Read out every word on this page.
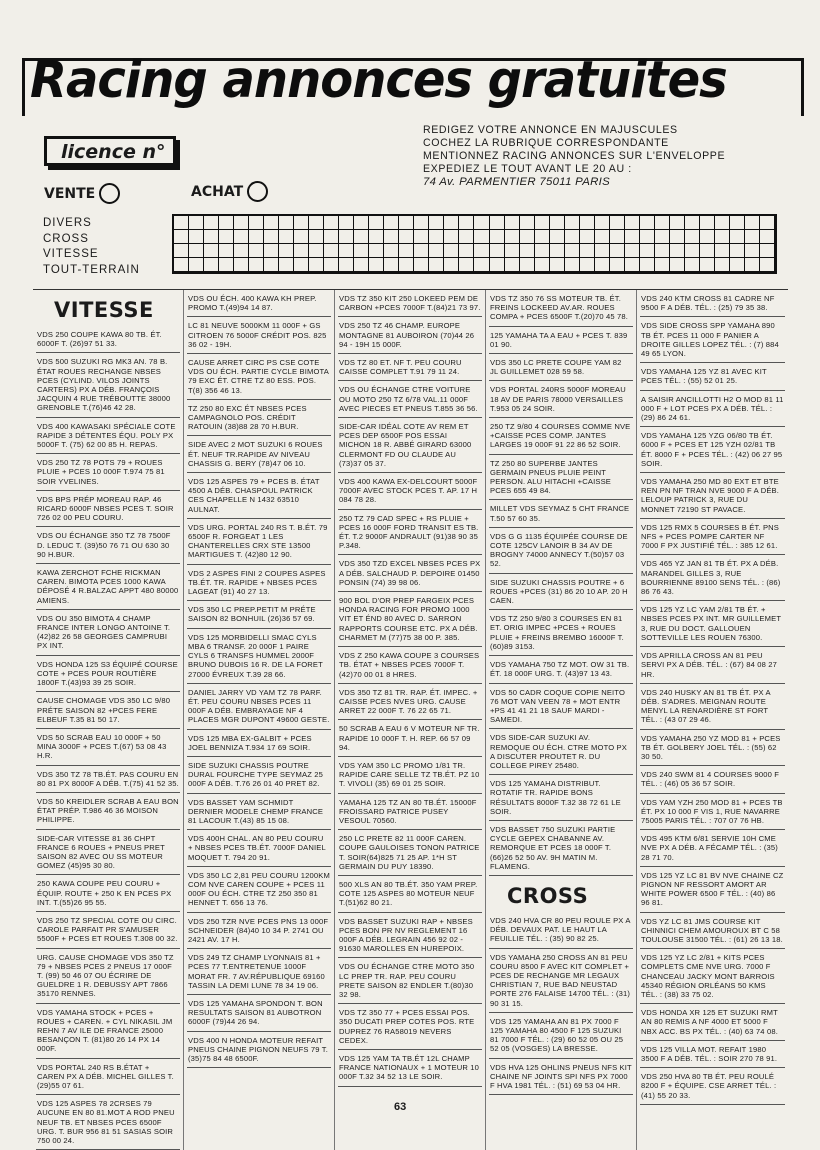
Racing annonces gratuites
licence n°
REDIGEZ VOTRE ANNONCE EN MAJUSCULES
COCHEZ LA RUBRIQUE CORRESPONDANTE
MENTIONNEZ RACING ANNONCES SUR L'ENVELOPPE
EXPEDIEZ LE TOUT AVANT LE 20 AU :
74 Av. PARMENTIER 75011 PARIS
VENTE	ACHAT
DIVERS
CROSS
VITESSE
TOUT-TERRAIN
VITESSE
VDS 250 COUPE KAWA 80 TB. ÉT. 6000F T. (26)97 51 33.
VDS 500 SUZUKI RG MK3 AN. 78 B. ÉTAT ROUES RECHANGE NBSES PCES (CYLIND. VILOS JOINTS CARTERS) PX A DÉB. FRANÇOIS JACQUIN 4 RUE TRÉBOUTTE 38000 GRENOBLE T.(76)46 42 28.
VDS 400 KAWASAKI SPÉCIALE COTE RAPIDE 3 DÉTENTES ÉQU. POLY PX 5000F T. (75) 62 00 85 H. REPAS.
VDS 250 TZ 78 POTS 79 + ROUES PLUIE + PCES 10 000F T.974 75 81 SOIR YVELINES.
VDS BPS PRÉP MOREAU RAP. 46 RICARD 6000F NBSES PCES T. SOIR 726 02 00 PEU COURU.
VDS OU ÉCHANGE 350 TZ 78 7500F D. LEDUC T. (39)50 76 71 OU 630 30 90 H.BUR.
KAWA ZERCHOT FCHE RICKMAN CAREN. BIMOTA PCES 1000 KAWA DÉPOSÉ 4 R.BALZAC APPT 480 80000 AMIENS.
VDS OU 350 BIMOTA 4 CHAMP FRANCE INTER LONGO ANTOINE T. (42)82 26 58 GEORGES CAMPRUBI PX INT.
VDS HONDA 125 S3 ÉQUIPÉ COURSE COTE + PCES POUR ROUTIÈRE 1800F T.(43)93 39 25 SOIR.
CAUSE CHOMAGE VDS 350 LC 9/80 PRÉTE SAISON 82 +PCES FERE ELBEUF T.35 81 50 17.
VDS 50 SCRAB EAU 10 000F + 50 MINA 3000F + PCES T.(67) 53 08 43 H.R.
VDS 350 TZ 78 TB.ÉT. PAS COURU EN 80 81 PX 8000F A DÉB. T.(75) 41 52 35.
VDS 50 KREIDLER SCRAB A EAU BON ÉTAT PRÉP. T.986 46 36 MOISON PHILIPPE.
SIDE-CAR VITESSE 81 36 CHPT FRANCE 6 ROUES + PNEUS PRET SAISON 82 AVEC OU SS MOTEUR GOMEZ (45)95 30 80.
250 KAWA COUPE PEU COURU + ÉQUIP. ROUTE + 250 K EN PCES PX INT. T.(55)26 95 55.
VDS 250 TZ SPECIAL COTE OU CIRC. CAROLE PARFAIT PR S'AMUSER 5500F + PCES ET ROUES T.308 00 32.
URG. CAUSE CHOMAGE VDS 350 TZ 79 + NBSES PCES 2 PNEUS 17 000F T. (99) 50 46 07 OU ÉCRIRE DE GUELDRE 1 R. DEBUSSY APT 7866 35170 RENNES.
VDS YAMAHA STOCK + PCES + ROUES + CAREN. + CYL NIKASIL JM REHN 7 AV ILE DE FRANCE 25000 BESANÇON T. (81)80 26 14 PX 14 000F.
VDS PORTAL 240 RS B.ÉTAT + CAREN PX A DÉB. MICHEL GILLES T.(29)55 07 61.
VDS 125 ASPES 78 2CRSES 79 AUCUNE EN 80 81.MOT A ROD PNEU NEUF TB. ET NBSES PCES 6500F URG. T. BUR 956 81 51 SASIAS SOIR 750 00 24.
VDS OU ÉCH. 400 KAWA KH PREP. PROMO T.(49)94 14 87.
LC 81 NEUVE 5000KM 11 000F + GS CITROEN 76 5000F CRÉDIT POS. 825 36 02 - 19H.
CAUSE ARRET CIRC PS CSE COTE VDS OU ÉCH. PARTIE CYCLE BIMOTA 79 EXC ÉT. CTRE TZ 80 ESS. POS. T(8) 356 46 13.
TZ 250 80 EXC ÉT NBSES PCES CAMPAGNOLO POS. CRÉDIT RATOUIN (38)88 28 70 H.BUR.
SIDE AVEC 2 MOT SUZUKI 6 ROUES ÉT. NEUF TR.RAPIDE AV NIVEAU CHASSIS G. BERY (78)47 06 10.
VDS 125 ASPES 79 + PCES B. ÉTAT 4500 A DÉB. CHASPOUL PATRICK CES CHAPELLE N 1432 63510 AULNAT.
VDS URG. PORTAL 240 RS T. B.ÉT. 79 6500F R. FORGEAT 1 LES CHANTERELLES CRX STE 13500 MARTIGUES T. (42)80 12 90.
VDS 2 ASPES FINI 2 COUPES ASPES TB.ÉT. TR. RAPIDE + NBSES PCES LAGEAT (91) 40 27 13.
VDS 350 LC PREP.PETIT M PRÉTE SAISON 82 BONHUIL (26)36 57 69.
VDS 125 MORBIDELLI SMAC CYLS MBA 6 TRANSF. 20 000F 1 PAIRE CYLS 6 TRANSFS HUMMEL 2000F BRUNO DUBOIS 16 R. DE LA FORET 27000 ÉVREUX T.39 28 66.
DANIEL JARRY VD YAM TZ 78 PARF. ÉT. PEU COURU NBSES PCES 11 000F A DÉB. EMBRAYAGE NF 4 PLACES MGR DUPONT 49600 GESTE.
VDS 125 MBA EX-GALBIT + PCES JOEL BENNIZA T.934 17 69 SOIR.
SIDE SUZUKI CHASSIS POUTRE DURAL FOURCHE TYPE SEYMAZ 25 000F A DÉB. T.76 26 01 40 PRET 82.
VDS BASSET YAM SCHMIDT DERNIER MODELE CHEMP FRANCE 81 LACOUR T.(43) 85 15 08.
VDS 400H CHAL. AN 80 PEU COURU + NBSES PCES TB.ÉT. 7000F DANIEL MOQUET T. 794 20 91.
VDS 350 LC 2,81 PEU COURU 1200KM COM NVE CAREN COUPE + PCES 11 000F OU ÉCH. CTRE TZ 250 350 81 HENNET T. 656 13 76.
VDS 250 TZR NVE PCES PNS 13 000F SCHNEIDER (84)40 10 34 P. 2741 OU 2421 AV. 17 H.
VDS 249 TZ CHAMP LYONNAIS 81 + PCES 77 T.ENTRETENUE 1000F MORAT FR. 7 AV.RÉPUBLIQUE 69160 TASSIN LA DEMI LUNE 78 34 19 06.
VDS 125 YAMAHA SPONDON T. BON RESULTATS SAISON 81 AUBOTRON 6000F (79)44 26 94.
VDS 400 N HONDA MOTEUR REFAIT PNEUS CHAINE PIGNON NEUFS 79 T. (35)75 84 48 6500F.
VDS TZ 350 KIT 250 LOKEED PEM DE CARBON +PCES 7000F T.(84)21 73 97.
VDS 250 TZ 46 CHAMP. EUROPE MONTAGNE 81 AUBOIRON (70)44 26 94 - 19H 15 000F.
VDS TZ 80 ET. NF T. PEU COURU CAISSE COMPLET T.91 79 11 24.
VDS OU ÉCHANGE CTRE VOITURE OU MOTO 250 TZ 6/78 VAL.11 000F AVEC PIECES ET PNEUS T.855 36 56.
SIDE-CAR IDÉAL COTE AV REM ET PCES DEP 6500F POS ESSAI MICHON 18 R. ABBÉ GIRARD 63000 CLERMONT FD OU CLAUDE AU (73)37 05 37.
VDS 400 KAWA EX-DELCOURT 5000F 7000F AVEC STOCK PCES T. AP. 17 H 084 78 28.
250 TZ 79 CAD SPEC + RS PLUIE + PCES 16 000F FORD TRANSIT ES TB. ÉT. T.2 9000F ANDRAULT (91)38 90 35 P.348.
VDS 350 TZD EXCEL NBSES PCES PX A DÉB. SALCHAUD P. DEPOIRE 01450 PONSIN (74) 39 98 06.
900 BOL D'OR PREP FARGEIX PCES HONDA RACING FOR PROMO 1000 VIT ET ÉND 80 AVEC D. SARRON RAPPORTS COURSE ETC. PX A DÉB. CHARMET M (77)75 38 00 P. 385.
VDS Z 250 KAWA COUPE 3 COURSES TB. ÉTAT + NBSES PCES 7000F T.(42)70 00 01 8 HRES.
VDS 350 TZ 81 TR. RAP. ÉT. IMPEC. + CAISSE PCES NVES URG. CAUSE ARRET 22 000F T. 76 22 65 71.
50 SCRAB A EAU 6 V MOTEUR NF TR. RAPIDE 10 000F T. H. REP. 66 57 09 94.
VDS YAM 350 LC PROMO 1/81 TR. RAPIDE CARE SELLE TZ TB.ÉT. PZ 10 T. VIVOLI (35) 69 01 25 SOIR.
YAMAHA 125 TZ AN 80 TB.ÉT. 15000F FROISSARD PATRICE PUSEY VESOUL 70560.
250 LC PRETE 82 11 000F CAREN. COUPE GAULOISES TONON PATRICE T. SOIR(64)825 71 25 AP. 1*H ST GERMAIN DU PUY 18390.
500 XLS AN 80 TB.ÉT. 350 YAM PREP. COTE 125 ASPES 80 MOTEUR NEUF T.(51)62 80 21.
VDS BASSET SUZUKI RAP + NBSES PCES BON PR NV REGLEMENT 16 000F A DÉB. LEGRAIN 456 92 02 - 91630 MAROLLES EN HUREPOIX.
VDS OU ÉCHANGE CTRE MOTO 350 LC PREP TR. RAP. PEU COURU PRETE SAISON 82 ENDLER T.(80)30 32 98.
VDS TZ 350 77 + PCES ESSAI POS. 350 DUCATI PREP COTES POS. RTE DUPREZ 76 RA58019 NEVERS CEDEX.
VDS 125 YAM TA TB.ÉT 12L CHAMP FRANCE NATIONAUX + 1 MOTEUR 10 000F T.32 34 52 13 LE SOIR.
VDS TZ 350 76 SS MOTEUR TB. ÉT. FREINS LOCKEED AV.AR. ROUES COMPA + PCES 6500F T.(20)70 45 78.
125 YAMAHA TA A EAU + PCES T. 839 01 90.
VDS 350 LC PRETE COUPE YAM 82 JL GUILLEMET 028 59 58.
VDS PORTAL 240RS 5000F MOREAU 18 AV DE PARIS 78000 VERSAILLES T.953 05 24 SOIR.
250 TZ 9/80 4 COURSES COMME NVE +CAISSE PCES COMP. JANTES LARGES 19 000F 91 22 86 52 SOIR.
TZ 250 80 SUPERBE JANTES GERMAIN PNEUS PLUIE PEINT PERSON. ALU HITACHI +CAISSE PCES 655 49 84.
MILLET VDS SEYMAZ 5 CHT FRANCE T.50 57 60 35.
VDS G G 1135 ÉQUIPÉE COURSE DE COTE 125CV LANOIR B 34 AV DE BROGNY 74000 ANNECY T.(50)57 03 52.
SIDE SUZUKI CHASSIS POUTRE + 6 ROUES +PCES (31) 86 20 10 AP. 20 H CAEN.
VDS TZ 250 9/80 3 COURSES EN 81 ET. ORIG IMPEC +PCES + ROUES PLUIE + FREINS BREMBO 16000F T.(60)89 3153.
VDS YAMAHA 750 TZ MOT. OW 31 TB. ÉT. 18 000F URG. T. (43)97 13 43.
VDS 50 CADR COQUE COPIE NEITO 76 MOT VAN VEEN 78 + MOT ENTR +PS 41 41 21 18 SAUF MARDI - SAMEDI.
VDS SIDE-CAR SUZUKI AV. REMOQUE OU ÉCH. CTRE MOTO PX A DISCUTER PROUTET R. DU COLLEGE PIREY 25480.
VDS 125 YAMAHA DISTRIBUT. ROTATIF TR. RAPIDE BONS RÉSULTATS 8000F T.32 38 72 61 LE SOIR.
VDS BASSET 750 SUZUKI PARTIE CYCLE GEPEX CHABANNE AV. REMORQUE ET PCES 18 000F T.(66)26 52 50 AV. 9H MATIN M. FLAMENG.
CROSS
VDS 240 HVA CR 80 PEU ROULE PX A DÉB. DEVAUX PAT. LE HAUT LA FEUILLIE TÉL. : (35) 90 82 25.
VDS YAMAHA 250 CROSS AN 81 PEU COURU 8500 F AVEC KIT COMPLET + PCES DE RECHANGE MR LEGAUX CHRISTIAN 7, RUE BAD NEUSTAD PORTE 276 FALAISE 14700 TÉL. : (31) 90 31 15.
VDS 125 YAMAHA AN 81 PX 7000 F 125 YAMAHA 80 4500 F 125 SUZUKI 81 7000 F TÉL. : (29) 60 52 05 OU 25 52 05 (VOSGES) LA BRESSE.
VDS HVA 125 OHLINS PNEUS NFS KIT CHAINE NF JOINTS SPI NFS PX 7000 F HVA 1981 TÉL. : (51) 69 53 04 HR.
VDS 240 KTM CROSS 81 CADRE NF 9500 F A DÉB. TÉL. : (25) 79 35 38.
VDS SIDE CROSS SPP YAMAHA 890 TB ÉT. PCES 11 000 F PANIER A DROITE GILLES LOPEZ TÉL. : (7) 884 49 65 LYON.
VDS YAMAHA 125 YZ 81 AVEC KIT PCES TÉL. : (55) 52 01 25.
A SAISIR ANCILLOTTI H2 O MOD 81 11 000 F + LOT PCES PX A DÉB. TÉL. : (29) 86 24 61.
VDS YAMAHA 125 YZG 06/80 TB ÉT. 6000 F + PCES ET 125 YZH 02/81 TB ÉT. 8000 F + PCES TÉL. : (42) 06 27 95 SOIR.
VDS YAMAHA 250 MD 80 EXT ET BTE REN PN NF TRAN NVE 9000 F A DÉB. LELOUP PATRICK 3, RUE DU MONNET 72190 ST PAVACE.
VDS 125 RMX 5 COURSES B ÉT. PNS NFS + PCES POMPE CARTER NF 7000 F PX JUSTIFIÉ TÉL. : 385 12 61.
VDS 465 YZ JAN 81 TB ÉT. PX A DÉB. MARANDEL GILLES 3, RUE BOURRIENNE 89100 SENS TÉL. : (86) 86 76 43.
VDS 125 YZ LC YAM 2/81 TB ÉT. + NBSES PCES PX INT. MR GUILLEMET 3, RUE DU DOCT. GALLOUEN SOTTEVILLE LES ROUEN 76300.
VDS APRILLA CROSS AN 81 PEU SERVI PX A DÉB. TÉL. : (67) 84 08 27 HR.
VDS 240 HUSKY AN 81 TB ÉT. PX A DÉB. S'ADRES. MEIGNAN ROUTE MENYL LA RENARDIÈRE ST FORT TÉL. : (43 07 29 46.
VDS YAMAHA 250 YZ MOD 81 + PCES TB ÉT. GOLBERY JOEL TÉL. : (55) 62 30 50.
VDS 240 SWM 81 4 COURSES 9000 F TÉL. : (46) 05 36 57 SOIR.
VDS YAM YZH 250 MOD 81 + PCES TB ÉT. PX 10 000 F VIS 1, RUE NAVARRE 75005 PARIS TÉL. : 707 07 76 HB.
VDS 495 KTM 6/81 SERVIE 10H CME NVE PX A DÉB. A FÉCAMP TÉL. : (35) 28 71 70.
VDS 125 YZ LC 81 BV NVE CHAINE CZ PIGNON NF RESSORT AMORT AR WHITE POWER 6500 F TÉL. : (40) 86 96 81.
VDS YZ LC 81 JMS COURSE KIT CHINNICI CHEM AMOUROUX BT C 58 TOULOUSE 31500 TÉL. : (61) 26 13 18.
VDS 125 YZ LC 2/81 + KITS PCES COMPLETS CME NVE URG. 7000 F CHANCEAU JACKY MONT BARROIS 45340 RÉGION ORLÉANS 50 KMS TÉL. : (38) 33 75 02.
VDS HONDA XR 125 ET SUZUKI RMT AN 80 REMIS A NF 4000 ET 5000 F NBX ACC. BS PX TÉL. : (40) 63 74 08.
VDS 125 VILLA MOT. REFAIT 1980 3500 F A DÉB. TÉL. : SOIR 270 78 91.
VDS 250 HVA 80 TB ÉT. PEU ROULÉ 8200 F + ÉQUIPE. CSE ARRET TÉL. : (41) 55 20 33.
63
